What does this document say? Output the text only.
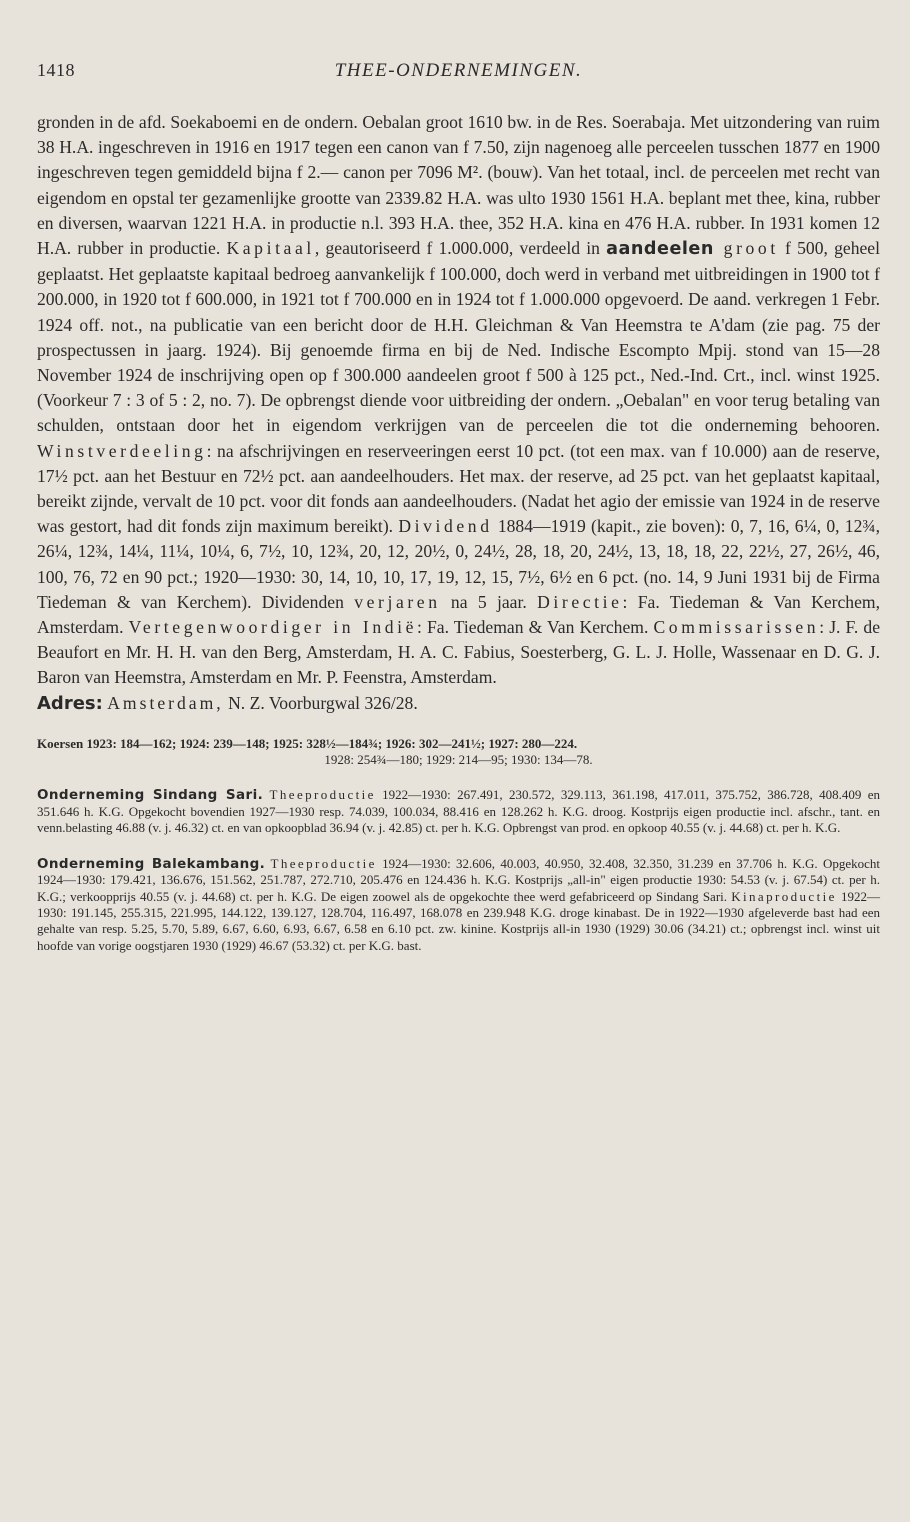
1418	THEE-ONDERNEMINGEN.

gronden in de afd. Soekaboemi en de ondern. Oebalan groot 1610 bw. in de Res. Soerabaja. Met uitzondering van ruim 38 H.A. ingeschreven in 1916 en 1917 tegen een canon van f 7.50, zijn nagenoeg alle perceelen tusschen 1877 en 1900 ingeschreven tegen gemiddeld bijna f 2.— canon per 7096 M². (bouw). Van het totaal, incl. de perceelen met recht van eigendom en opstal ter gezamenlijke grootte van 2339.82 H.A. was ulto 1930 1561 H.A. beplant met thee, kina, rubber en diversen, waarvan 1221 H.A. in productie n.l. 393 H.A. thee, 352 H.A. kina en 476 H.A. rubber. In 1931 komen 12 H.A. rubber in productie. Kapitaal, geautoriseerd f 1.000.000, verdeeld in aandeelen groot f 500, geheel geplaatst. Het geplaatste kapitaal bedroeg aanvankelijk f 100.000, doch werd in verband met uitbreidingen in 1900 tot f 200.000, in 1920 tot f 600.000, in 1921 tot f 700.000 en in 1924 tot f 1.000.000 opgevoerd. De aand. verkregen 1 Febr. 1924 off. not., na publicatie van een bericht door de H.H. Gleichman & Van Heemstra te A'dam (zie pag. 75 der prospectussen in jaarg. 1924). Bij genoemde firma en bij de Ned. Indische Escompto Mpij. stond van 15—28 November 1924 de inschrijving open op f 300.000 aandeelen groot f 500 à 125 pct., Ned.-Ind. Crt., incl. winst 1925. (Voorkeur 7 : 3 of 5 : 2, no. 7). De opbrengst diende voor uitbreiding der ondern. „Oebalan" en voor terug betaling van schulden, ontstaan door het in eigendom verkrijgen van de perceelen die tot die onderneming behooren. Winstverdeeling: na afschrijvingen en reserveeringen eerst 10 pct. (tot een max. van f 10.000) aan de reserve, 17½ pct. aan het Bestuur en 72½ pct. aan aandeelhouders. Het max. der reserve, ad 25 pct. van het geplaatst kapitaal, bereikt zijnde, vervalt de 10 pct. voor dit fonds aan aandeelhouders. (Nadat het agio der emissie van 1924 in de reserve was gestort, had dit fonds zijn maximum bereikt). Dividend 1884—1919 (kapit., zie boven): 0, 7, 16, 6¼, 0, 12¾, 26¼, 12¾, 14¼, 11¼, 10¼, 6, 7½, 10, 12¾, 20, 12, 20½, 0, 24½, 28, 18, 20, 24½, 13, 18, 18, 22, 22½, 27, 26½, 46, 100, 76, 72 en 90 pct.; 1920—1930: 30, 14, 10, 10, 17, 19, 12, 15, 7½, 6½ en 6 pct. (no. 14, 9 Juni 1931 bij de Firma Tiedeman & van Kerchem). Dividenden verjaren na 5 jaar. Directie: Fa. Tiedeman & Van Kerchem, Amsterdam. Vertegenwoordiger in Indië: Fa. Tiedeman & Van Kerchem. Commissarissen: J. F. de Beaufort en Mr. H. H. van den Berg, Amsterdam, H. A. C. Fabius, Soesterberg, G. L. J. Holle, Wassenaar en D. G. J. Baron van Heemstra, Amsterdam en Mr. P. Feenstra, Amsterdam.

Adres: Amsterdam, N. Z. Voorburgwal 326/28.

Koersen 1923: 184—162; 1924: 239—148; 1925: 328½—184¾; 1926: 302—241½; 1927: 280—224.
1928: 254¾—180; 1929: 214—95; 1930: 134—78.

Onderneming Sindang Sari. Theeproductie 1922—1930: 267.491, 230.572, 329.113, 361.198, 417.011, 375.752, 386.728, 408.409 en 351.646 h. K.G. Opgekocht bovendien 1927—1930 resp. 74.039, 100.034, 88.416 en 128.262 h. K.G. droog. Kostprijs eigen productie incl. afschr., tant. en venn.belasting 46.88 (v. j. 46.32) ct. en van opkoopblad 36.94 (v. j. 42.85) ct. per h. K.G. Opbrengst van prod. en opkoop 40.55 (v. j. 44.68) ct. per h. K.G.

Onderneming Balekambang. Theeproductie 1924—1930: 32.606, 40.003, 40.950, 32.408, 32.350, 31.239 en 37.706 h. K.G. Opgekocht 1924—1930: 179.421, 136.676, 151.562, 251.787, 272.710, 205.476 en 124.436 h. K.G. Kostprijs „all-in" eigen productie 1930: 54.53 (v. j. 67.54) ct. per h. K.G.; verkoopprijs 40.55 (v. j. 44.68) ct. per h. K.G. De eigen zoowel als de opgekochte thee werd gefabriceerd op Sindang Sari. Kinaproductie 1922—1930: 191.145, 255.315, 221.995, 144.122, 139.127, 128.704, 116.497, 168.078 en 239.948 K.G. droge kinabast. De in 1922—1930 afgeleverde bast had een gehalte van resp. 5.25, 5.70, 5.89, 6.67, 6.60, 6.93, 6.67, 6.58 en 6.10 pct. zw. kinine. Kostprijs all-in 1930 (1929) 30.06 (34.21) ct.; opbrengst incl. winst uit hoofde van vorige oogstjaren 1930 (1929) 46.67 (53.32) ct. per K.G. bast.
